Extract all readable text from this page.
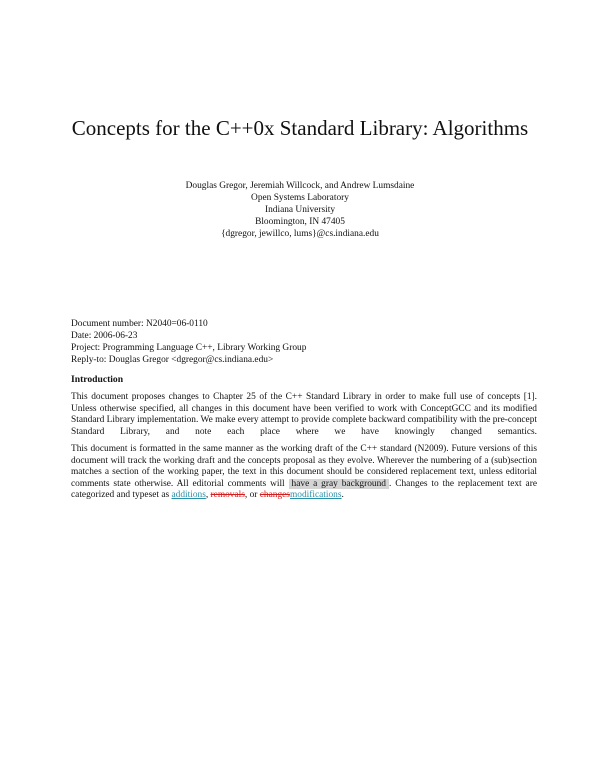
Concepts for the C++0x Standard Library: Algorithms
Douglas Gregor, Jeremiah Willcock, and Andrew Lumsdaine
Open Systems Laboratory
Indiana University
Bloomington, IN 47405
{dgregor, jewillco, lums}@cs.indiana.edu
Document number: N2040=06-0110
Date: 2006-06-23
Project: Programming Language C++, Library Working Group
Reply-to: Douglas Gregor <dgregor@cs.indiana.edu>
Introduction

This document proposes changes to Chapter 25 of the C++ Standard Library in order to make full use of concepts [1]. Unless otherwise specified, all changes in this document have been verified to work with ConceptGCC and its modified Standard Library implementation. We make every attempt to provide complete backward compatibility with the pre-concept Standard Library, and note each place where we have knowingly changed semantics.

This document is formatted in the same manner as the working draft of the C++ standard (N2009). Future versions of this document will track the working draft and the concepts proposal as they evolve. Wherever the numbering of a (sub)section matches a section of the working paper, the text in this document should be considered replacement text, unless editorial comments state otherwise. All editorial comments will have a gray background . Changes to the replacement text are categorized and typeset as additions, removals, or changesmodifications.
